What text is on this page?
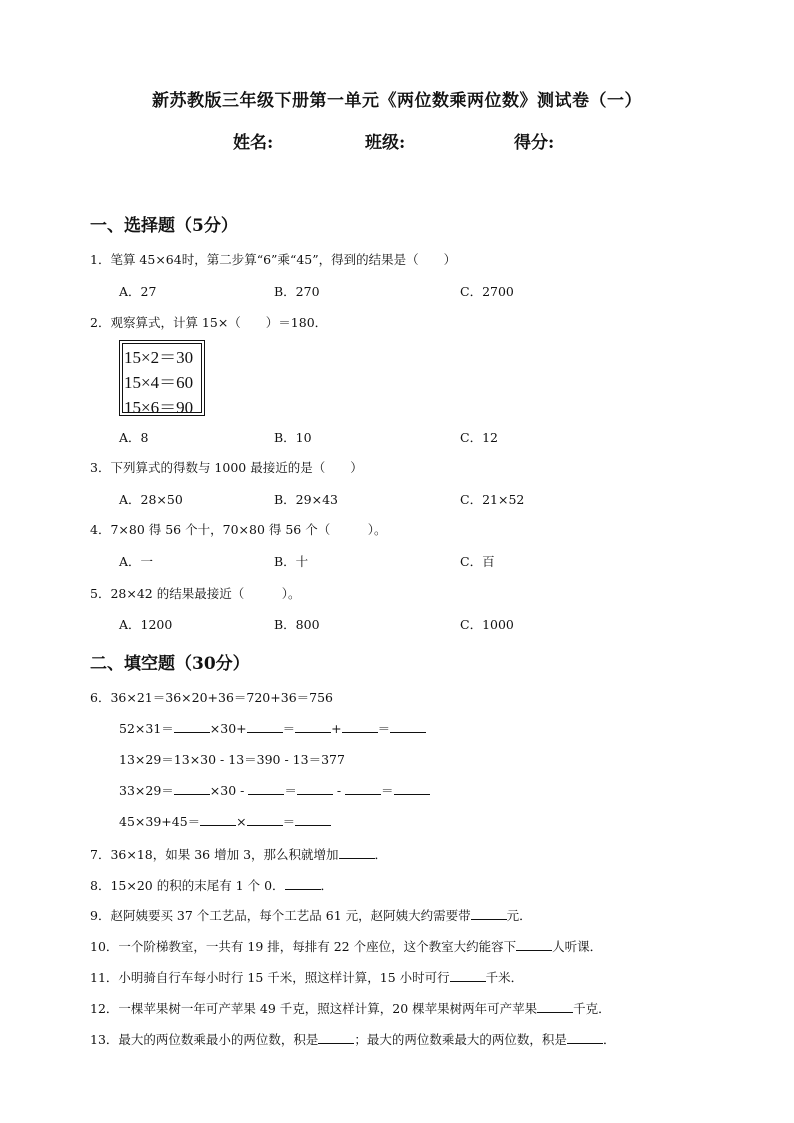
新苏教版三年级下册第一单元《两位数乘两位数》测试卷（一）
姓名:	班级:	得分:
一、选择题（5分）
1．笔算 45×64时，第二步算“6”乘“45”，得到的结果是（　　）
A．27	B．270	C．2700
2．观察算式，计算 15×（　　）＝180．
15×2＝30
15×4＝60
15×6＝90
A．8	B．10	C．12
3．下列算式的得数与 1000 最接近的是（　　）
A．28×50	B．29×43	C．21×52
4．7×80 得 56 个十，70×80 得 56 个（　　　）。
A．一	B．十	C．百
5．28×42 的结果最接近（　　　）。
A．1200	B．800	C．1000
二、填空题（30分）
6．36×21＝36×20+36＝720+36＝756
52×31＝	×30+	＝	+	＝
13×29＝13×30 - 13＝390 - 13＝377
33×29＝	×30 -	＝	-	＝
45×39+45＝	×	＝
7．36×18，如果 36 增加 3，那么积就增加	．
8．15×20 的积的末尾有 1 个 0．	．
9．赵阿姨要买 37 个工艺品，每个工艺品 61 元，赵阿姨大约需要带	元．
10．一个阶梯教室，一共有 19 排，每排有 22 个座位，这个教室大约能容下	人听课．
11．小明骑自行车每小时行 15 千米，照这样计算，15 小时可行	千米．
12．一棵苹果树一年可产苹果 49 千克，照这样计算，20 棵苹果树两年可产苹果	千克．
13．最大的两位数乘最小的两位数，积是	；最大的两位数乘最大的两位数，积是	．
